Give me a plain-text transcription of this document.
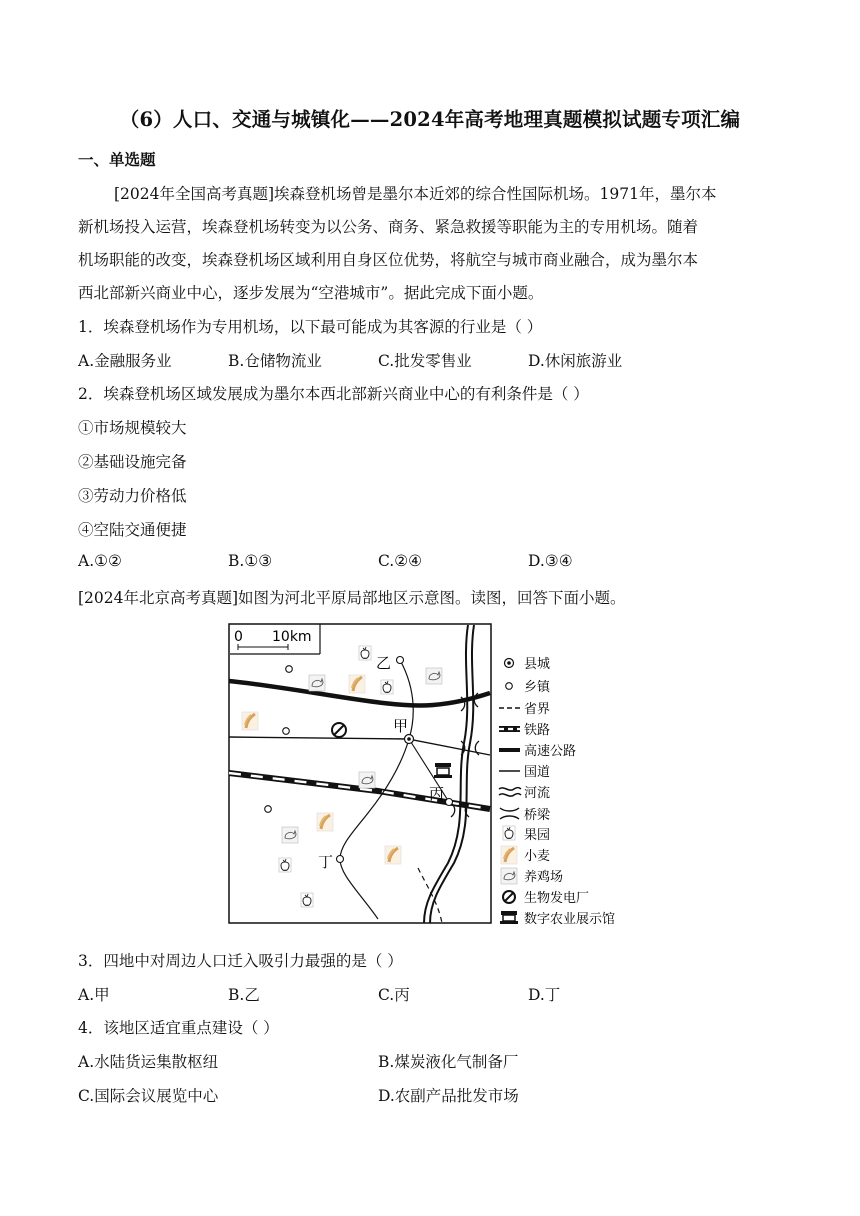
（6）人口、交通与城镇化——2024年高考地理真题模拟试题专项汇编
一、单选题
[2024年全国高考真题]埃森登机场曾是墨尔本近郊的综合性国际机场。1971年，墨尔本
新机场投入运营，埃森登机场转变为以公务、商务、紧急救援等职能为主的专用机场。随着
机场职能的改变，埃森登机场区域利用自身区位优势，将航空与城市商业融合，成为墨尔本
西北部新兴商业中心，逐步发展为“空港城市”。据此完成下面小题。
1．埃森登机场作为专用机场，以下最可能成为其客源的行业是（ ）
A.金融服务业	B.仓储物流业	C.批发零售业	D.休闲旅游业
2．埃森登机场区域发展成为墨尔本西北部新兴商业中心的有利条件是（ ）
①市场规模较大
②基础设施完备
③劳动力价格低
④空陆交通便捷
A.①②	B.①③	C.②④	D.③④
[2024年北京高考真题]如图为河北平原局部地区示意图。读图，回答下面小题。
0 10km
甲
乙
丙
丁
县城
乡镇
省界
铁路
高速公路
国道
河流
桥梁
果园
小麦
养鸡场
生物发电厂
数字农业展示馆
3．四地中对周边人口迁入吸引力最强的是（ ）
A.甲	B.乙	C.丙	D.丁
4．该地区适宜重点建设（ ）
A.水陆货运集散枢纽	B.煤炭液化气制备厂
C.国际会议展览中心	D.农副产品批发市场
